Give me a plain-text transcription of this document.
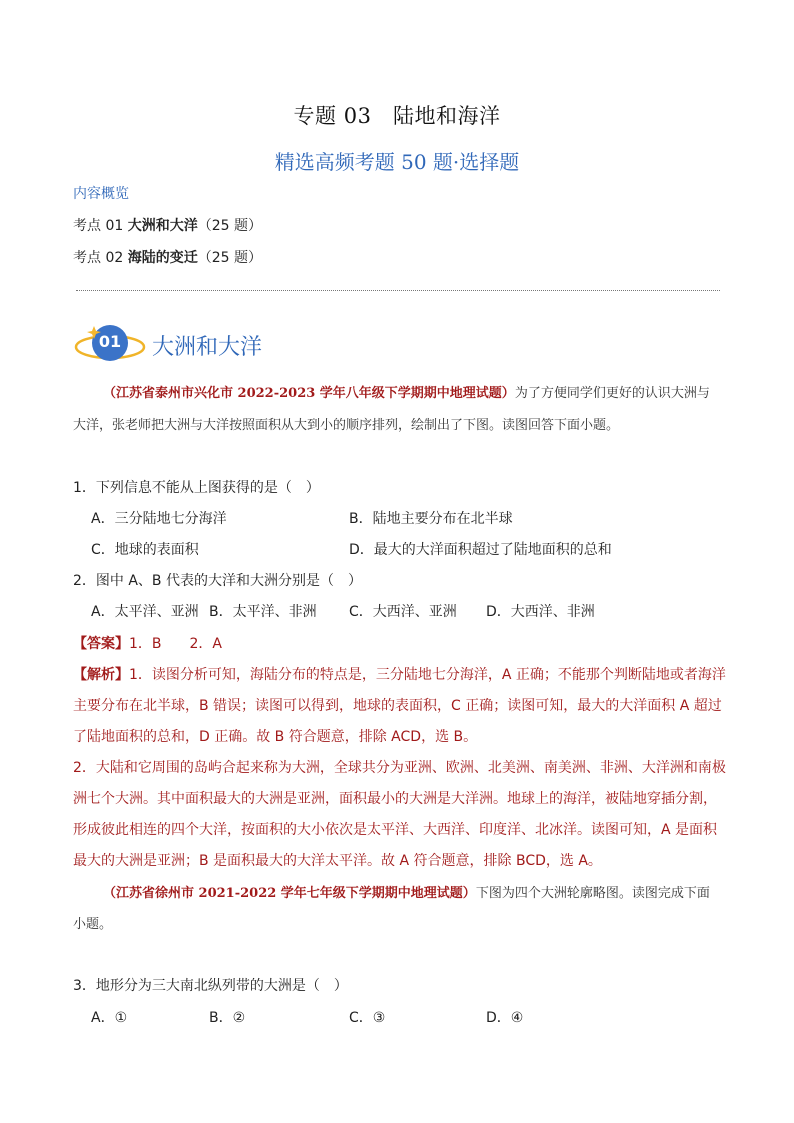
专题 03　陆地和海洋
精选高频考题 50 题·选择题
内容概览
考点 01 大洲和大洋（25 题）
考点 02 海陆的变迁（25 题）
01	大洲和大洋
（江苏省泰州市兴化市 2022-2023 学年八年级下学期期中地理试题）为了方便同学们更好的认识大洲与
大洋，张老师把大洲与大洋按照面积从大到小的顺序排列，绘制出了下图。读图回答下面小题。
1．下列信息不能从上图获得的是（　）
A．三分陆地七分海洋	B．陆地主要分布在北半球
C．地球的表面积	D．最大的大洋面积超过了陆地面积的总和
2．图中 A、B 代表的大洋和大洲分别是（　）
A．太平洋、亚洲 B．太平洋、非洲 C．大西洋、亚洲 D．大西洋、非洲
【答案】1．B　　2．A
【解析】1．读图分析可知，海陆分布的特点是，三分陆地七分海洋，A 正确；不能那个判断陆地或者海洋
主要分布在北半球，B 错误；读图可以得到，地球的表面积，C 正确；读图可知，最大的大洋面积 A 超过
了陆地面积的总和，D 正确。故 B 符合题意，排除 ACD，选 B。
2．大陆和它周围的岛屿合起来称为大洲，全球共分为亚洲、欧洲、北美洲、南美洲、非洲、大洋洲和南极
洲七个大洲。其中面积最大的大洲是亚洲，面积最小的大洲是大洋洲。地球上的海洋，被陆地穿插分割，
形成彼此相连的四个大洋，按面积的大小依次是太平洋、大西洋、印度洋、北冰洋。读图可知，A 是面积
最大的大洲是亚洲；B 是面积最大的大洋太平洋。故 A 符合题意，排除 BCD，选 A。
（江苏省徐州市 2021-2022 学年七年级下学期期中地理试题）下图为四个大洲轮廓略图。读图完成下面
小题。
3．地形分为三大南北纵列带的大洲是（　）
A．①	B．②	C．③	D．④
